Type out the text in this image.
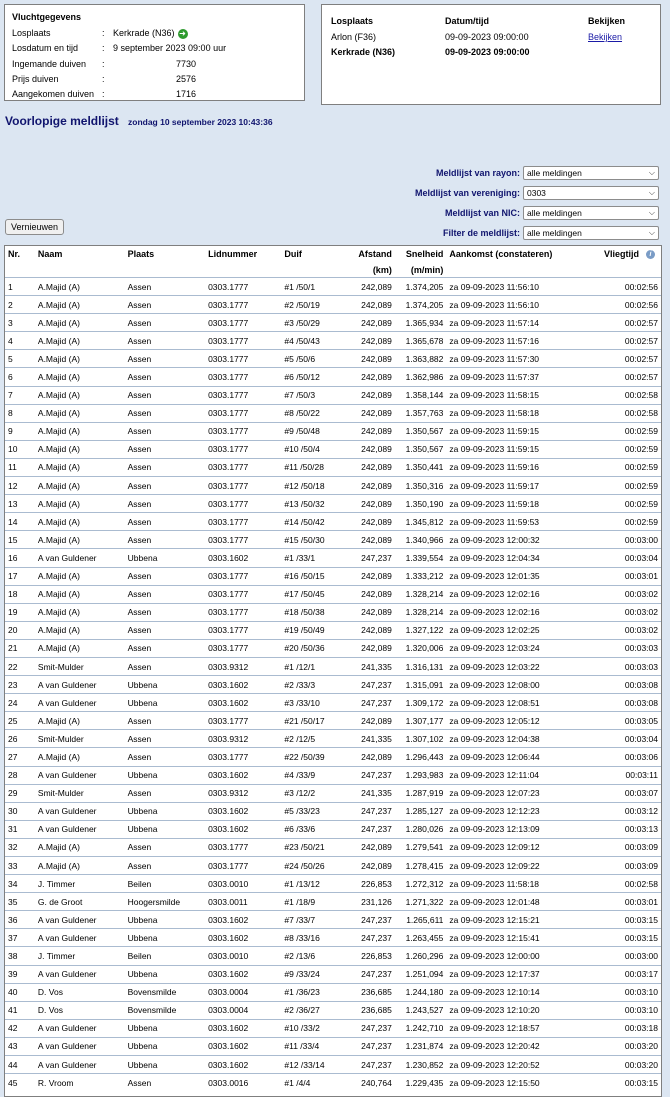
Vluchtgegevens
Losplaats	: Kerkrade (N36) ➜
Losdatum en tijd	: 9 september 2023 09:00 uur
Ingemande duiven :	7730
Prijs duiven	:	2576
Aangekomen duiven :	1716
Losplaats	Datum/tijd	Bekijken
Arlon (F36)	09-09-2023 09:00:00	Bekijken
Kerkrade (N36)	09-09-2023 09:00:00
Voorlopige meldlijst zondag 10 september 2023 10:43:36
Meldlijst van rayon: alle meldingen	⌵
Meldlijst van vereniging: 0303	⌵
Meldlijst van NIC: alle meldingen	⌵
Filter de meldlijst: alle meldingen	⌵
Vernieuwen
Nr.	Naam	Plaats	Lidnummer	Duif	Afstand	Snelheid	Aankomst (constateren)	Vliegtijd i

					(km)	(m/min)		
1	A.Majid (A)	Assen	0303.1777	#1 /50/1	242,089	1.374,205	za 09-09-2023 11:56:10	00:02:56
2	A.Majid (A)	Assen	0303.1777	#2 /50/19	242,089	1.374,205	za 09-09-2023 11:56:10	00:02:56
3	A.Majid (A)	Assen	0303.1777	#3 /50/29	242,089	1.365,934	za 09-09-2023 11:57:14	00:02:57
4	A.Majid (A)	Assen	0303.1777	#4 /50/43	242,089	1.365,678	za 09-09-2023 11:57:16	00:02:57
5	A.Majid (A)	Assen	0303.1777	#5 /50/6	242,089	1.363,882	za 09-09-2023 11:57:30	00:02:57
6	A.Majid (A)	Assen	0303.1777	#6 /50/12	242,089	1.362,986	za 09-09-2023 11:57:37	00:02:57
7	A.Majid (A)	Assen	0303.1777	#7 /50/3	242,089	1.358,144	za 09-09-2023 11:58:15	00:02:58
8	A.Majid (A)	Assen	0303.1777	#8 /50/22	242,089	1.357,763	za 09-09-2023 11:58:18	00:02:58
9	A.Majid (A)	Assen	0303.1777	#9 /50/48	242,089	1.350,567	za 09-09-2023 11:59:15	00:02:59
10	A.Majid (A)	Assen	0303.1777	#10 /50/4	242,089	1.350,567	za 09-09-2023 11:59:15	00:02:59
11	A.Majid (A)	Assen	0303.1777	#11 /50/28	242,089	1.350,441	za 09-09-2023 11:59:16	00:02:59
12	A.Majid (A)	Assen	0303.1777	#12 /50/18	242,089	1.350,316	za 09-09-2023 11:59:17	00:02:59
13	A.Majid (A)	Assen	0303.1777	#13 /50/32	242,089	1.350,190	za 09-09-2023 11:59:18	00:02:59
14	A.Majid (A)	Assen	0303.1777	#14 /50/42	242,089	1.345,812	za 09-09-2023 11:59:53	00:02:59
15	A.Majid (A)	Assen	0303.1777	#15 /50/30	242,089	1.340,966	za 09-09-2023 12:00:32	00:03:00
16	A van Guldener	Ubbena	0303.1602	#1 /33/1	247,237	1.339,554	za 09-09-2023 12:04:34	00:03:04
17	A.Majid (A)	Assen	0303.1777	#16 /50/15	242,089	1.333,212	za 09-09-2023 12:01:35	00:03:01
18	A.Majid (A)	Assen	0303.1777	#17 /50/45	242,089	1.328,214	za 09-09-2023 12:02:16	00:03:02
19	A.Majid (A)	Assen	0303.1777	#18 /50/38	242,089	1.328,214	za 09-09-2023 12:02:16	00:03:02
20	A.Majid (A)	Assen	0303.1777	#19 /50/49	242,089	1.327,122	za 09-09-2023 12:02:25	00:03:02
21	A.Majid (A)	Assen	0303.1777	#20 /50/36	242,089	1.320,006	za 09-09-2023 12:03:24	00:03:03
22	Smit-Mulder	Assen	0303.9312	#1 /12/1	241,335	1.316,131	za 09-09-2023 12:03:22	00:03:03
23	A van Guldener	Ubbena	0303.1602	#2 /33/3	247,237	1.315,091	za 09-09-2023 12:08:00	00:03:08
24	A van Guldener	Ubbena	0303.1602	#3 /33/10	247,237	1.309,172	za 09-09-2023 12:08:51	00:03:08
25	A.Majid (A)	Assen	0303.1777	#21 /50/17	242,089	1.307,177	za 09-09-2023 12:05:12	00:03:05
26	Smit-Mulder	Assen	0303.9312	#2 /12/5	241,335	1.307,102	za 09-09-2023 12:04:38	00:03:04
27	A.Majid (A)	Assen	0303.1777	#22 /50/39	242,089	1.296,443	za 09-09-2023 12:06:44	00:03:06
28	A van Guldener	Ubbena	0303.1602	#4 /33/9	247,237	1.293,983	za 09-09-2023 12:11:04	00:03:11
29	Smit-Mulder	Assen	0303.9312	#3 /12/2	241,335	1.287,919	za 09-09-2023 12:07:23	00:03:07
30	A van Guldener	Ubbena	0303.1602	#5 /33/23	247,237	1.285,127	za 09-09-2023 12:12:23	00:03:12
31	A van Guldener	Ubbena	0303.1602	#6 /33/6	247,237	1.280,026	za 09-09-2023 12:13:09	00:03:13
32	A.Majid (A)	Assen	0303.1777	#23 /50/21	242,089	1.279,541	za 09-09-2023 12:09:12	00:03:09
33	A.Majid (A)	Assen	0303.1777	#24 /50/26	242,089	1.278,415	za 09-09-2023 12:09:22	00:03:09
34	J. Timmer	Beilen	0303.0010	#1 /13/12	226,853	1.272,312	za 09-09-2023 11:58:18	00:02:58
35	G. de Groot	Hoogersmilde	0303.0011	#1 /18/9	231,126	1.271,322	za 09-09-2023 12:01:48	00:03:01
36	A van Guldener	Ubbena	0303.1602	#7 /33/7	247,237	1.265,611	za 09-09-2023 12:15:21	00:03:15
37	A van Guldener	Ubbena	0303.1602	#8 /33/16	247,237	1.263,455	za 09-09-2023 12:15:41	00:03:15
38	J. Timmer	Beilen	0303.0010	#2 /13/6	226,853	1.260,296	za 09-09-2023 12:00:00	00:03:00
39	A van Guldener	Ubbena	0303.1602	#9 /33/24	247,237	1.251,094	za 09-09-2023 12:17:37	00:03:17
40	D. Vos	Bovensmilde	0303.0004	#1 /36/23	236,685	1.244,180	za 09-09-2023 12:10:14	00:03:10
41	D. Vos	Bovensmilde	0303.0004	#2 /36/27	236,685	1.243,527	za 09-09-2023 12:10:20	00:03:10
42	A van Guldener	Ubbena	0303.1602	#10 /33/2	247,237	1.242,710	za 09-09-2023 12:18:57	00:03:18
43	A van Guldener	Ubbena	0303.1602	#11 /33/4	247,237	1.231,874	za 09-09-2023 12:20:42	00:03:20
44	A van Guldener	Ubbena	0303.1602	#12 /33/14	247,237	1.230,852	za 09-09-2023 12:20:52	00:03:20
45	R. Vroom	Assen	0303.0016	#1 /4/4	240,764	1.229,435	za 09-09-2023 12:15:50	00:03:15
